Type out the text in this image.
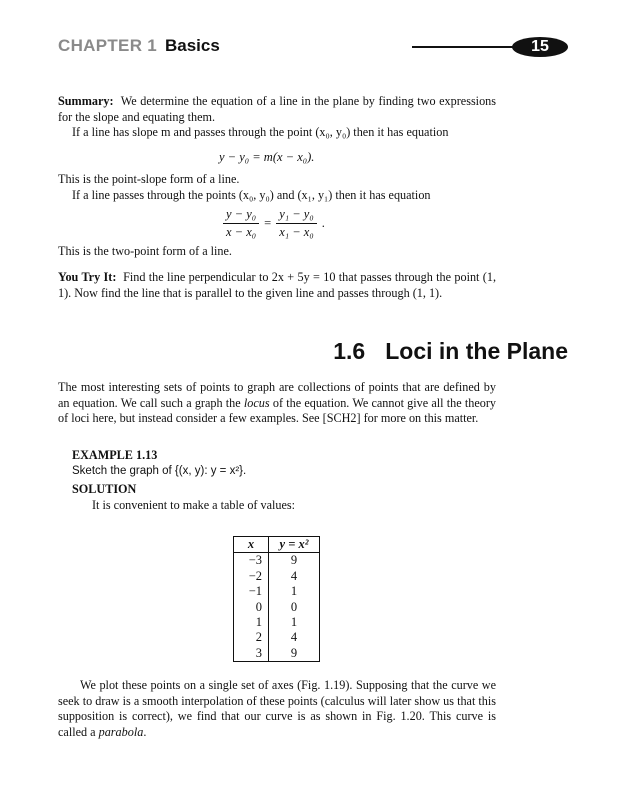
CHAPTER 1 Basics	15

Summary: We determine the equation of a line in the plane by finding two expressions for the slope and equating them.

If a line has slope m and passes through the point (x₀, y₀) then it has equation

y − y₀ = m(x − x₀).

This is the point-slope form of a line.

If a line passes through the points (x₀, y₀) and (x₁, y₁) then it has equation

$\frac{\text{y − y₀}}{\text{x − x₀}} = \frac{\text{y₁ − y₀}}{\text{x₁ − x₀}}$ .

This is the two-point form of a line.

You Try It: Find the line perpendicular to 2x + 5y = 10 that passes through the point (1, 1). Now find the line that is parallel to the given line and passes through (1, 1).

1.6 Loci in the Plane

The most interesting sets of points to graph are collections of points that are defined by an equation. We call such a graph the locus of the equation. We cannot give all the theory of loci here, but instead consider a few examples. See [SCH2] for more on this matter.

EXAMPLE 1.13

Sketch the graph of {(x, y): y = x²}.

SOLUTION

It is convenient to make a table of values:

x	y = x²
−3	9
−2	4
−1	1
0	0
1	1
2	4
3	9

We plot these points on a single set of axes (Fig. 1.19). Supposing that the curve we seek to draw is a smooth interpolation of these points (calculus will later show us that this supposition is correct), we find that our curve is as shown in Fig. 1.20. This curve is called a parabola.
